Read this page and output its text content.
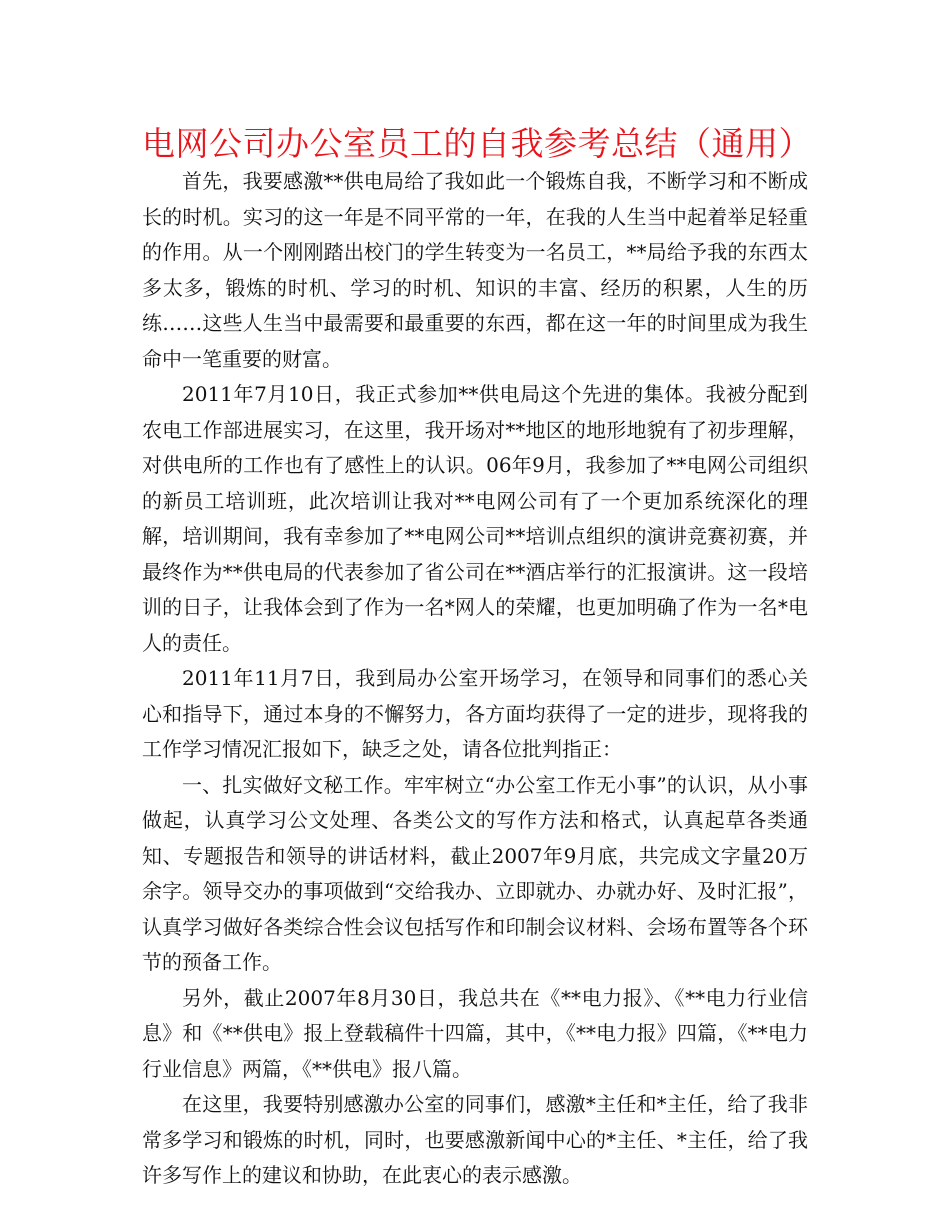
电网公司办公室员工的自我参考总结（通用）

首先，我要感激**供电局给了我如此一个锻炼自我，不断学习和不断成长的时机。实习的这一年是不同平常的一年，在我的人生当中起着举足轻重的作用。从一个刚刚踏出校门的学生转变为一名员工，**局给予我的东西太多太多，锻炼的时机、学习的时机、知识的丰富、经历的积累，人生的历练……这些人生当中最需要和最重要的东西，都在这一年的时间里成为我生命中一笔重要的财富。

2011年7月10日，我正式参加**供电局这个先进的集体。我被分配到农电工作部进展实习，在这里，我开场对**地区的地形地貌有了初步理解，对供电所的工作也有了感性上的认识。06年9月，我参加了**电网公司组织的新员工培训班，此次培训让我对**电网公司有了一个更加系统深化的理解，培训期间，我有幸参加了**电网公司**培训点组织的演讲竞赛初赛，并最终作为**供电局的代表参加了省公司在**酒店举行的汇报演讲。这一段培训的日子，让我体会到了作为一名*网人的荣耀，也更加明确了作为一名*电人的责任。

2011年11月7日，我到局办公室开场学习，在领导和同事们的悉心关心和指导下，通过本身的不懈努力，各方面均获得了一定的进步，现将我的工作学习情况汇报如下，缺乏之处，请各位批判指正：

一、扎实做好文秘工作。牢牢树立“办公室工作无小事”的认识，从小事做起，认真学习公文处理、各类公文的写作方法和格式，认真起草各类通知、专题报告和领导的讲话材料，截止2007年9月底，共完成文字量20万余字。领导交办的事项做到“交给我办、立即就办、办就办好、及时汇报”，认真学习做好各类综合性会议包括写作和印制会议材料、会场布置等各个环节的预备工作。

另外，截止2007年8月30日，我总共在《**电力报》、《**电力行业信息》和《**供电》报上登载稿件十四篇，其中，《**电力报》四篇，《**电力行业信息》两篇，《**供电》报八篇。

在这里，我要特别感激办公室的同事们，感激*主任和*主任，给了我非常多学习和锻炼的时机，同时，也要感激新闻中心的*主任、*主任，给了我许多写作上的建议和协助，在此衷心的表示感激。
